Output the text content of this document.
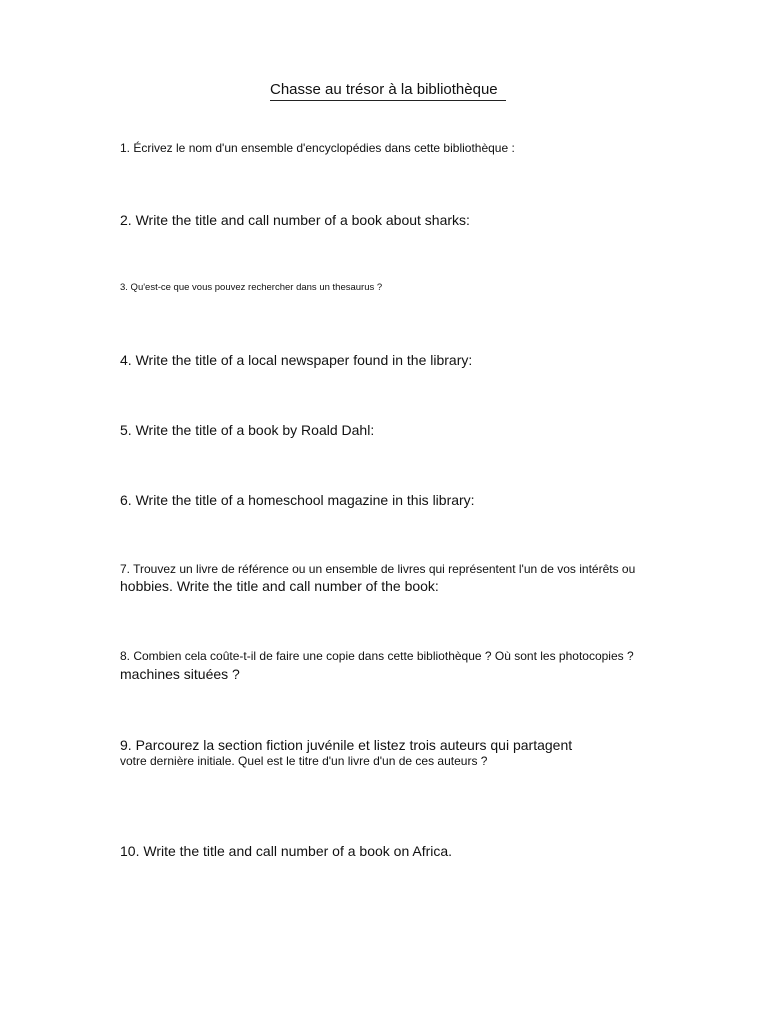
Chasse au trésor à la bibliothèque
1. Écrivez le nom d'un ensemble d'encyclopédies dans cette bibliothèque :
2. Write the title and call number of a book about sharks:
3. Qu'est-ce que vous pouvez rechercher dans un thesaurus ?
4. Write the title of a local newspaper found in the library:
5. Write the title of a book by Roald Dahl:
6. Write the title of a homeschool magazine in this library:
7. Trouvez un livre de référence ou un ensemble de livres qui représentent l'un de vos intérêts ou
hobbies. Write the title and call number of the book:
8. Combien cela coûte-t-il de faire une copie dans cette bibliothèque ? Où sont les photocopies ?
machines situées ?
9. Parcourez la section fiction juvénile et listez trois auteurs qui partagent
votre dernière initiale. Quel est le titre d'un livre d'un de ces auteurs ?
10. Write the title and call number of a book on Africa.
